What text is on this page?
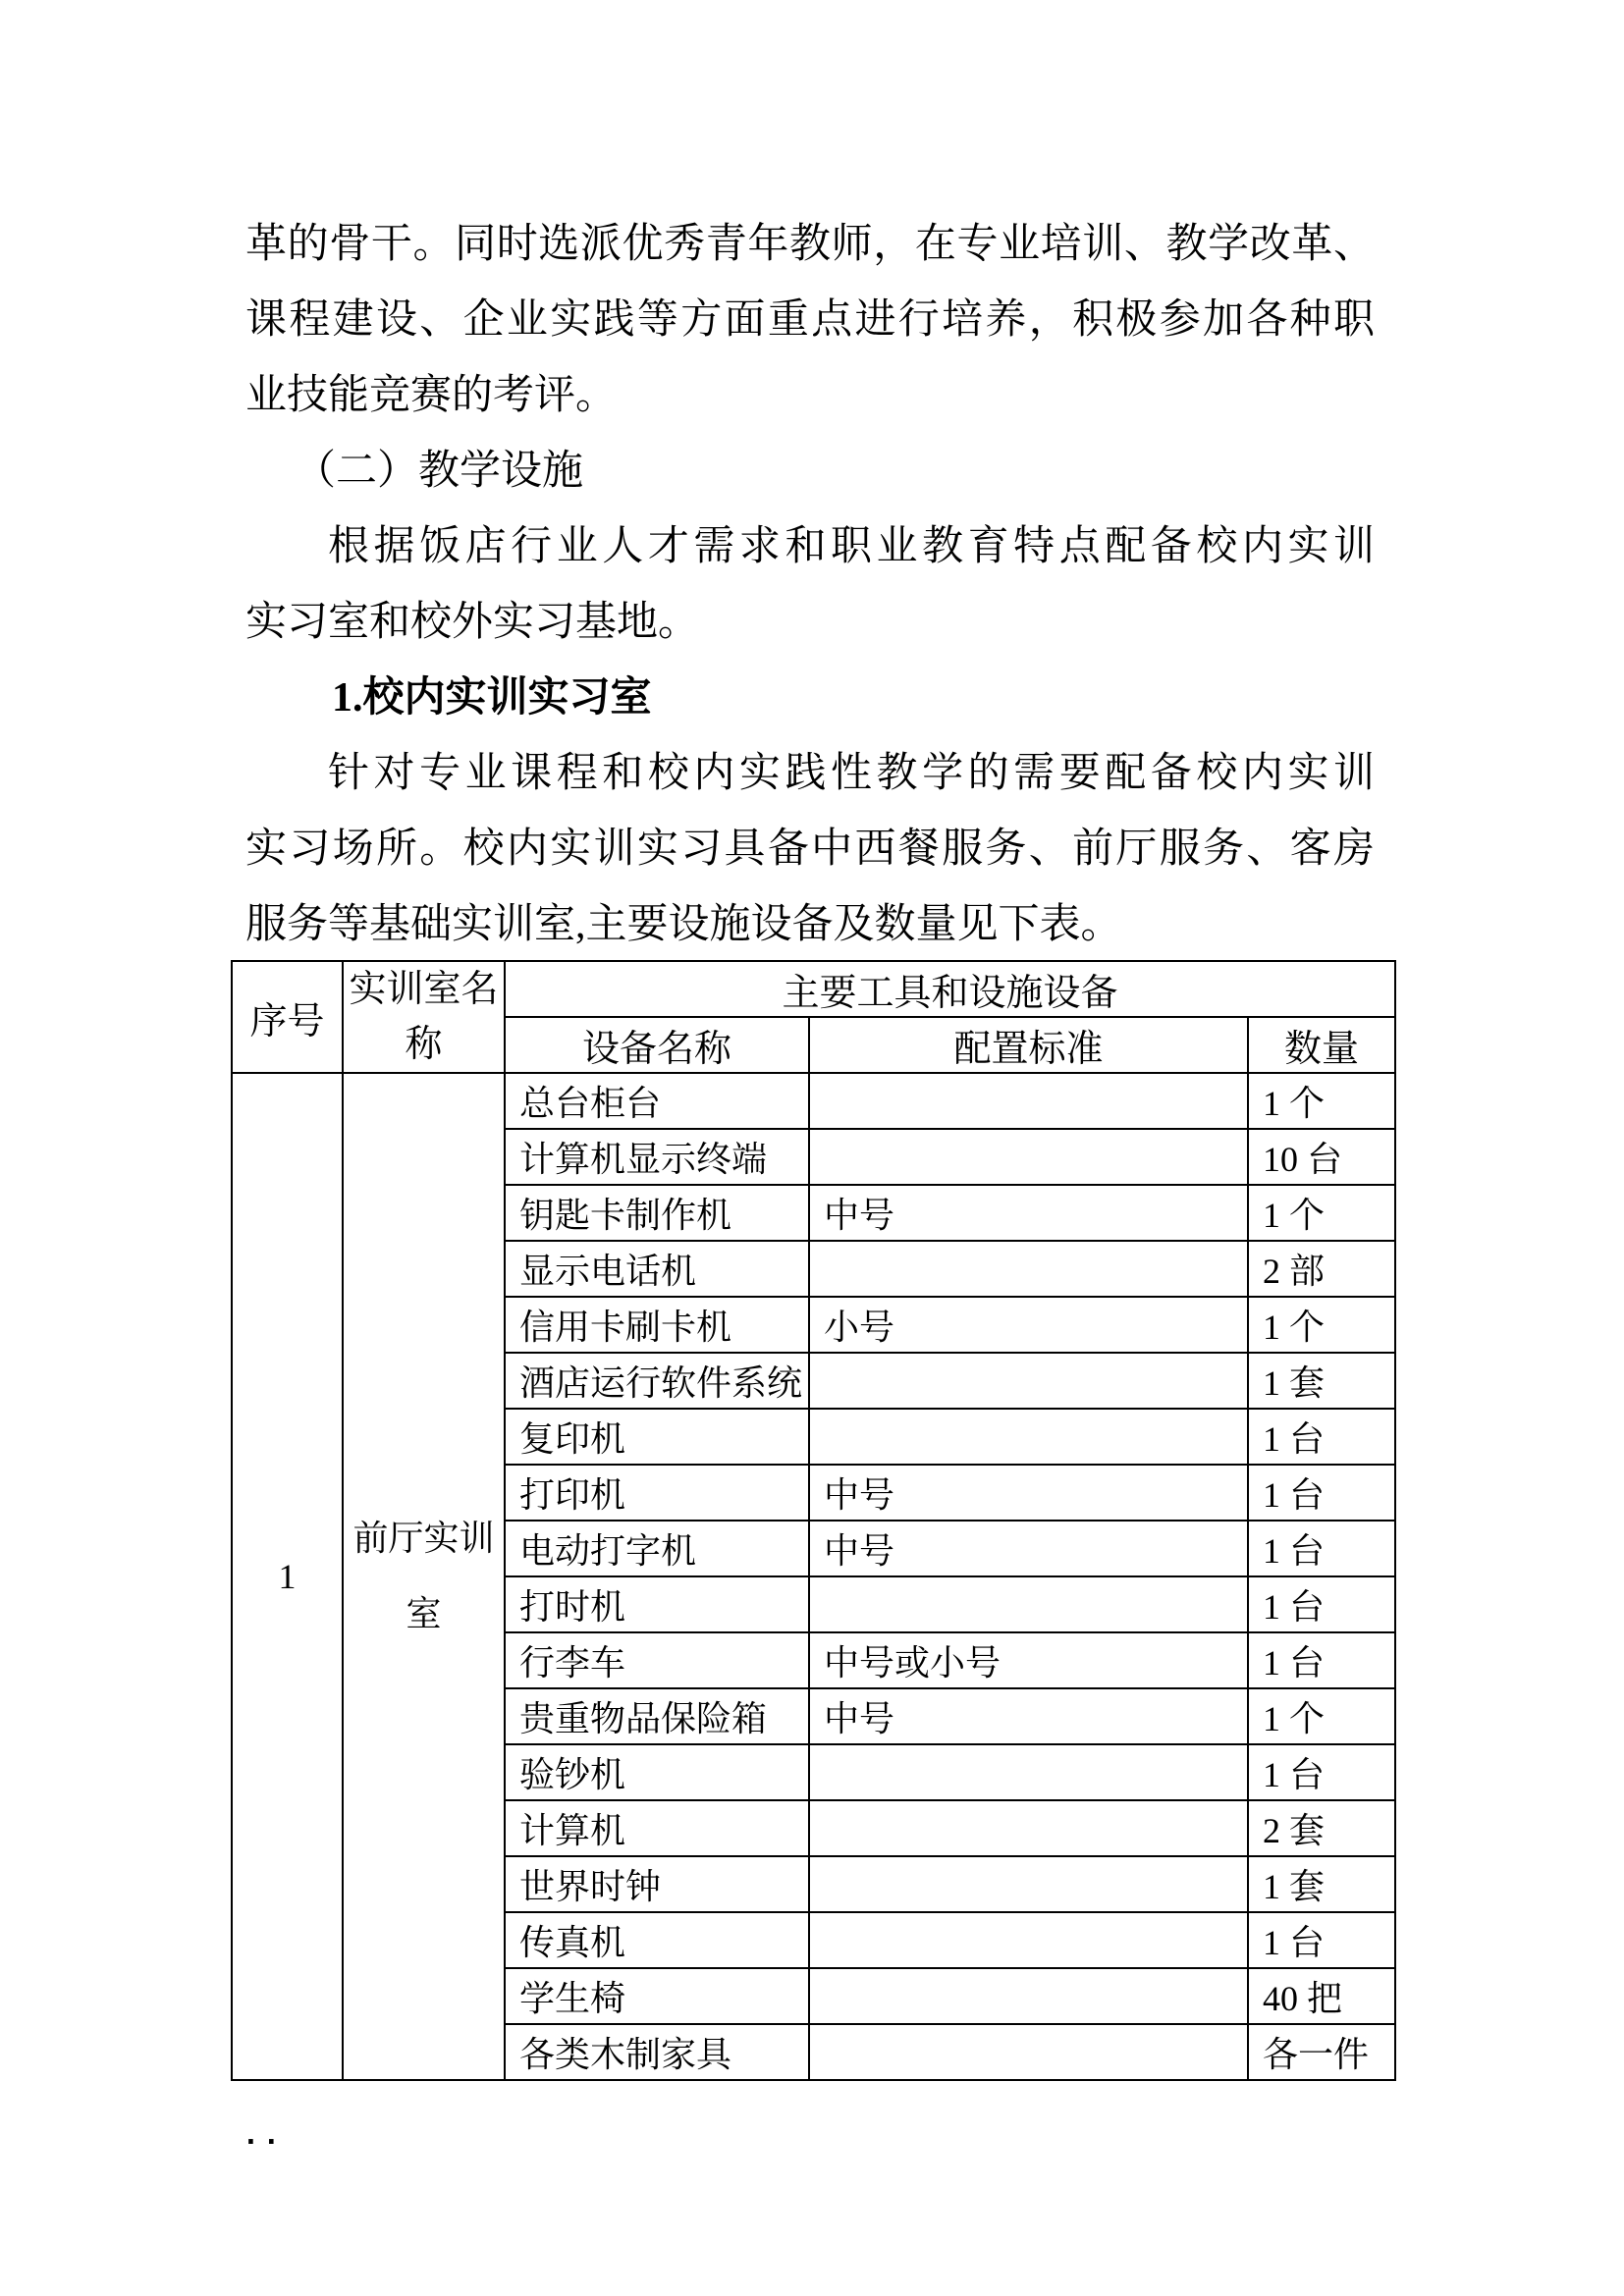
革的骨干。同时选派优秀青年教师，在专业培训、教学改革、
课程建设、企业实践等方面重点进行培养，积极参加各种职
业技能竞赛的考评。
（二）教学设施
根据饭店行业人才需求和职业教育特点配备校内实训
实习室和校外实习基地。
1.校内实训实习室
针对专业课程和校内实践性教学的需要配备校内实训
实习场所。校内实训实习具备中西餐服务、前厅服务、客房
服务等基础实训室,主要设施设备及数量见下表。
序号	实训室名称	主要工具和设施设备		
		设备名称	配置标准	数量
1	前厅实训室	总台柜台		1 个
		计算机显示终端		10 台
		钥匙卡制作机	中号	1 个
		显示电话机		2 部
		信用卡刷卡机	小号	1 个
		酒店运行软件系统		1 套
		复印机		1 台
		打印机	中号	1 台
		电动打字机	中号	1 台
		打时机		1 台
		行李车	中号或小号	1 台
		贵重物品保险箱	中号	1 个
		验钞机		1 台
		计算机		2 套
		世界时钟		1 套
		传真机		1 台
		学生椅		40 把
		各类木制家具		各一件
..
